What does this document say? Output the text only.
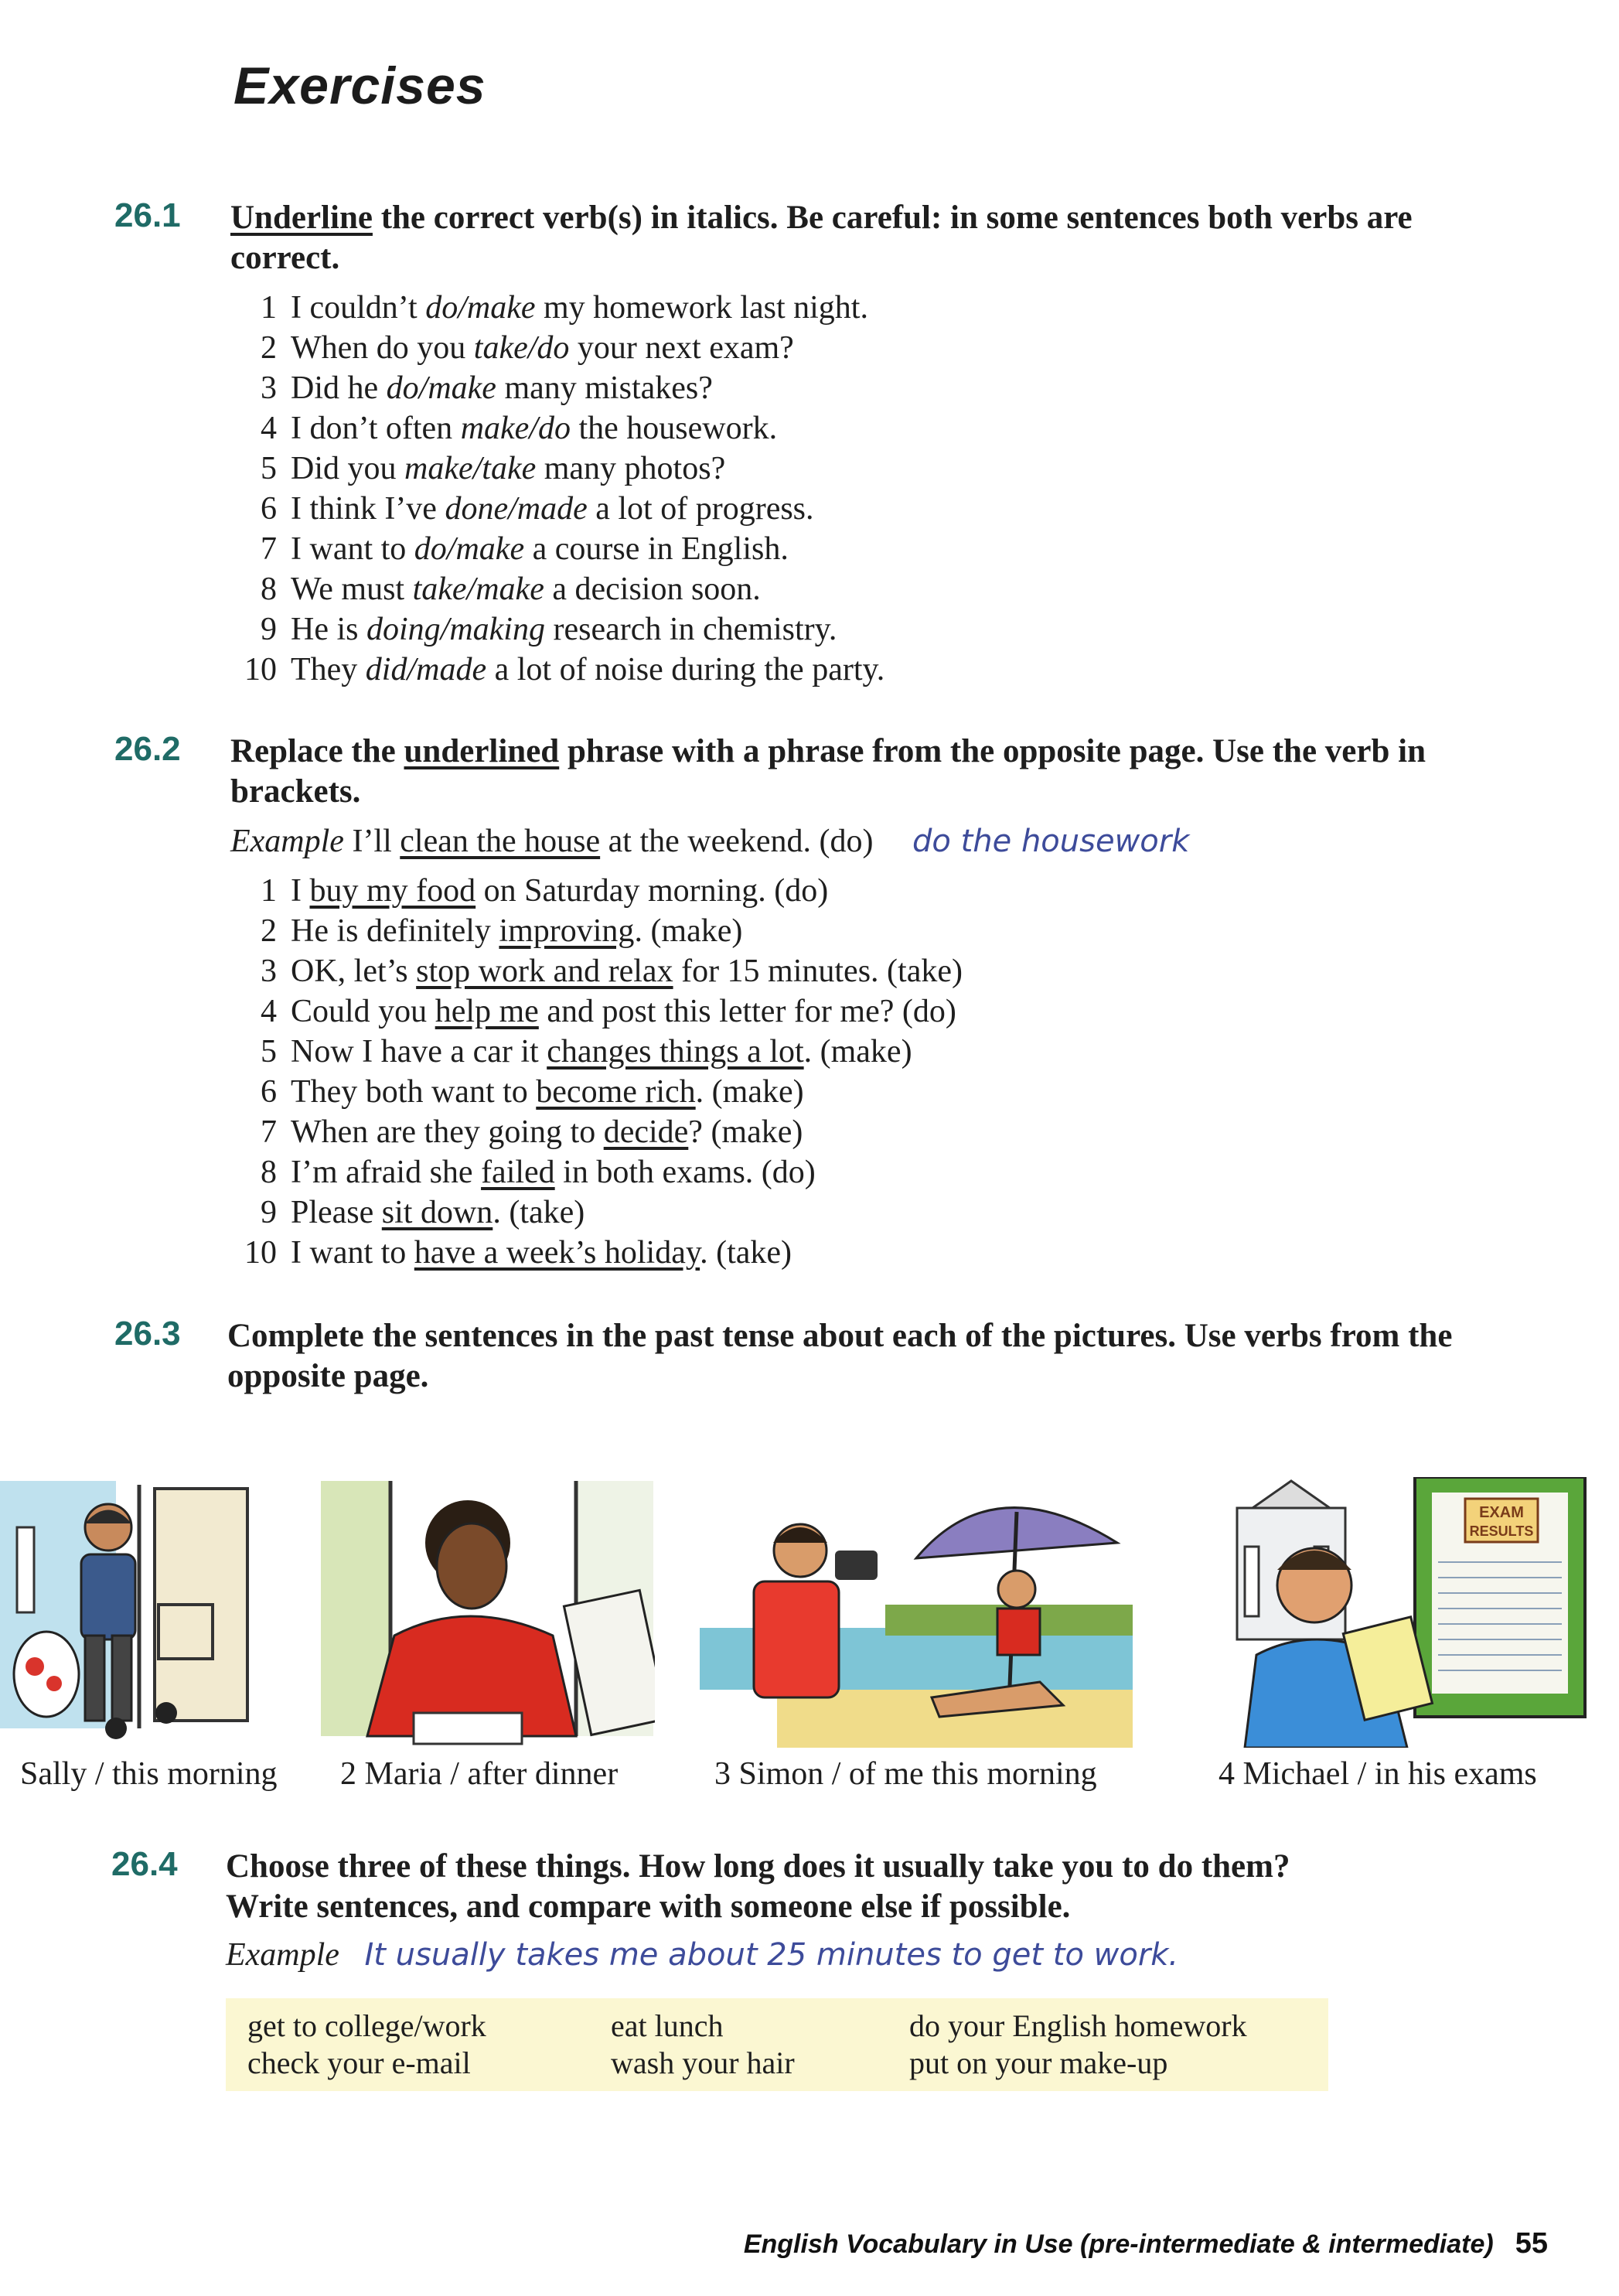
Exercises
26.1 Underline the correct verb(s) in italics. Be careful: in some sentences both verbs are
correct.
1 I couldn’t do/make my homework last night.
2 When do you take/do your next exam?
3 Did he do/make many mistakes?
4 I don’t often make/do the housework.
5 Did you make/take many photos?
6 I think I’ve done/made a lot of progress.
7 I want to do/make a course in English.
8 We must take/make a decision soon.
9 He is doing/making research in chemistry.
10 They did/made a lot of noise during the party.
26.2 Replace the underlined phrase with a phrase from the opposite page. Use the verb in
brackets.
Example I’ll clean the house at the weekend. (do) do the housework
1 I buy my food on Saturday morning. (do)
2 He is definitely improving. (make)
3 OK, let’s stop work and relax for 15 minutes. (take)
4 Could you help me and post this letter for me? (do)
5 Now I have a car it changes things a lot. (make)
6 They both want to become rich. (make)
7 When are they going to decide? (make)
8 I’m afraid she failed in both exams. (do)
9 Please sit down. (take)
10 I want to have a week’s holiday. (take)
26.3 Complete the sentences in the past tense about each of the pictures. Use verbs from the
opposite page.
EXAM
RESULTS
Sally / this morning 2 Maria / after dinner	3 Simon / of me this morning	4 Michael / in his exams
26.4 Choose three of these things. How long does it usually take you to do them?
Write sentences, and compare with someone else if possible.
Example It usually takes me about 25 minutes to get to work.
get to college/work	eat lunch	do your English homework
check your e-mail	wash your hair	put on your make-up
English Vocabulary in Use (pre-intermediate & intermediate) 55
